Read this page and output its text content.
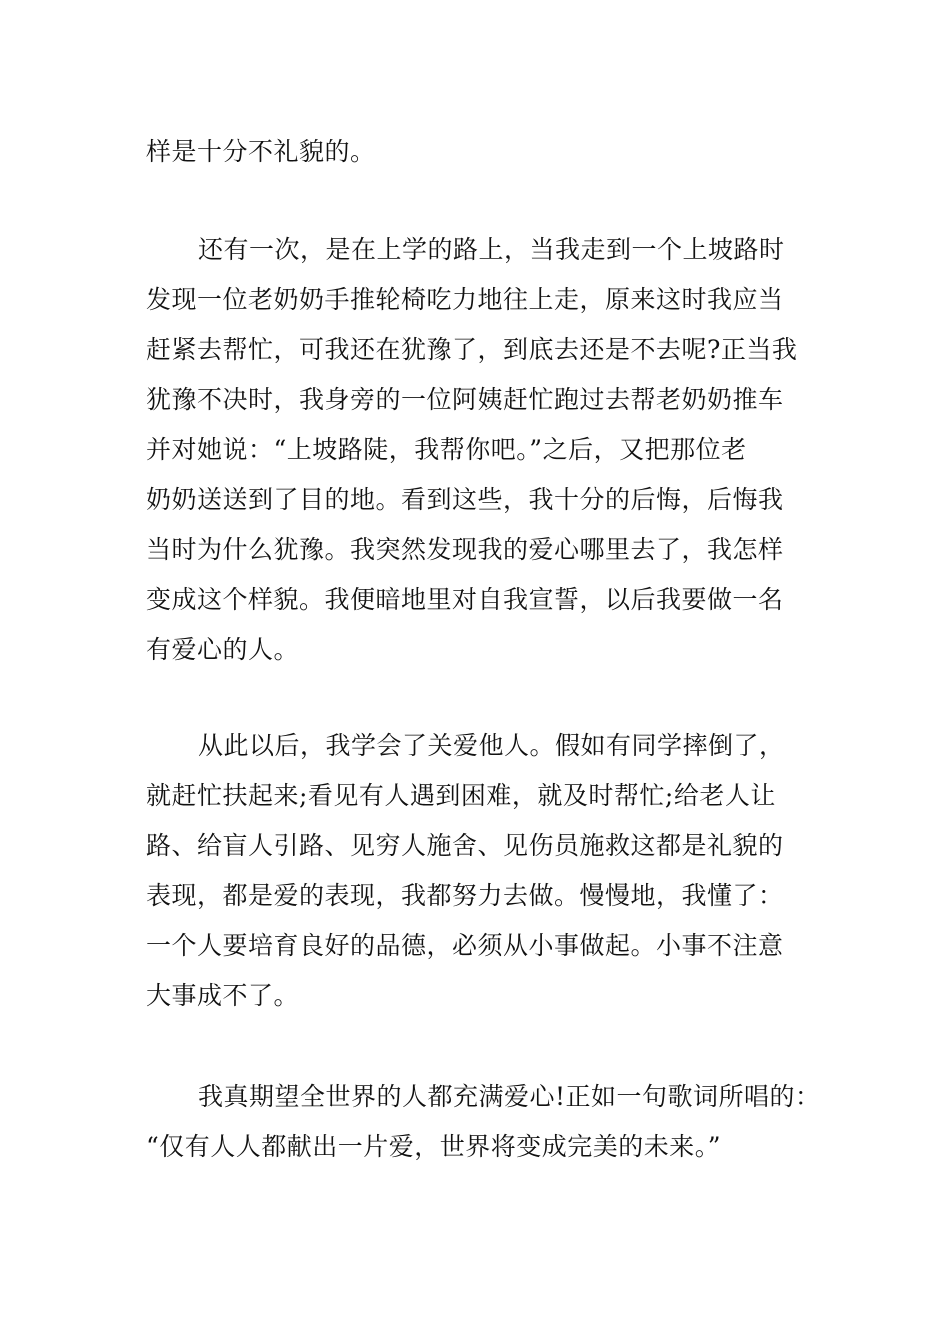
样是十分不礼貌的。
还有一次，是在上学的路上，当我走到一个上坡路时
发现一位老奶奶手推轮椅吃力地往上走，原来这时我应当
赶紧去帮忙，可我还在犹豫了，到底去还是不去呢?正当我
犹豫不决时，我身旁的一位阿姨赶忙跑过去帮老奶奶推车
并对她说：“上坡路陡，我帮你吧。”之后，又把那位老
奶奶送送到了目的地。看到这些，我十分的后悔，后悔我
当时为什么犹豫。我突然发现我的爱心哪里去了，我怎样
变成这个样貌。我便暗地里对自我宣誓，以后我要做一名
有爱心的人。
从此以后，我学会了关爱他人。假如有同学摔倒了，
就赶忙扶起来;看见有人遇到困难，就及时帮忙;给老人让
路、给盲人引路、见穷人施舍、见伤员施救这都是礼貌的
表现，都是爱的表现，我都努力去做。慢慢地，我懂了：
一个人要培育良好的品德，必须从小事做起。小事不注意
大事成不了。
我真期望全世界的人都充满爱心!正如一句歌词所唱的：
“仅有人人都献出一片爱，世界将变成完美的未来。”
